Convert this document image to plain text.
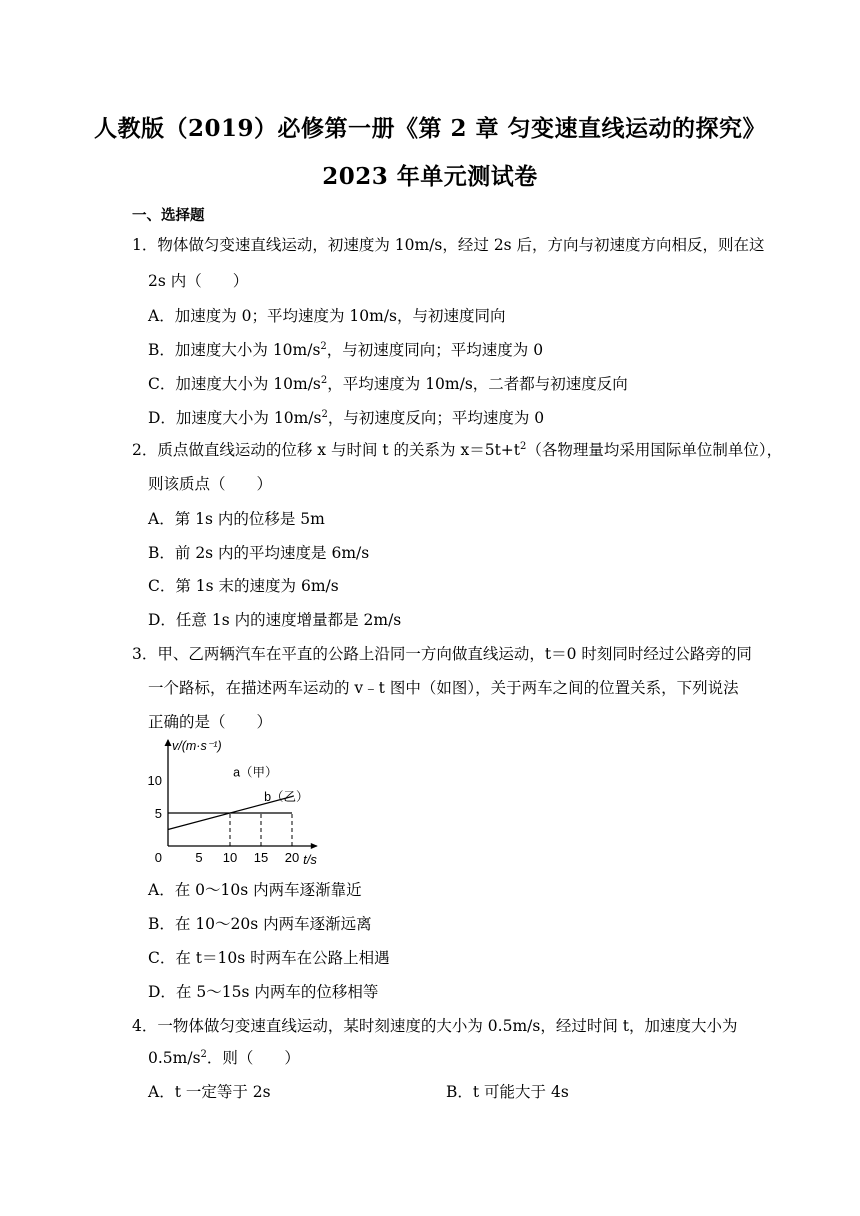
人教版（2019）必修第一册《第 2 章 匀变速直线运动的探究》
2023 年单元测试卷
一、选择题
1．物体做匀变速直线运动，初速度为 10m/s，经过 2s 后，方向与初速度方向相反，则在这
2s 内（　　）
A．加速度为 0；平均速度为 10m/s，与初速度同向
B．加速度大小为 $10m/s^2$，与初速度同向；平均速度为 0
C．加速度大小为 $10m/s^2$，平均速度为 10m/s，二者都与初速度反向
D．加速度大小为 $10m/s^2$，与初速度反向；平均速度为 0
2．质点做直线运动的位移 x 与时间 t 的关系为 $x=5t+t^2$（各物理量均采用国际单位制单位），
则该质点（　　）
A．第 1s 内的位移是 5m
B．前 2s 内的平均速度是 6m/s
C．第 1s 末的速度为 6m/s
D．任意 1s 内的速度增量都是 2m/s
3．甲、乙两辆汽车在平直的公路上沿同一方向做直线运动，t＝0 时刻同时经过公路旁的同
一个路标，在描述两车运动的 v﹣t 图中（如图），关于两车之间的位置关系，下列说法
正确的是（　　）
a（甲）
b（乙）
5 10 15 20
5
10
0
v/(m·s⁻¹)
t/s
A．在 0～10s 内两车逐渐靠近
B．在 10～20s 内两车逐渐远离
C．在 t＝10s 时两车在公路上相遇
D．在 5～15s 内两车的位移相等
4．一物体做匀变速直线运动，某时刻速度的大小为 0.5m/s，经过时间 t，加速度大小为
$0.5m/s^2$．则（　　）
A．t 一定等于 2s	B．t 可能大于 4s
